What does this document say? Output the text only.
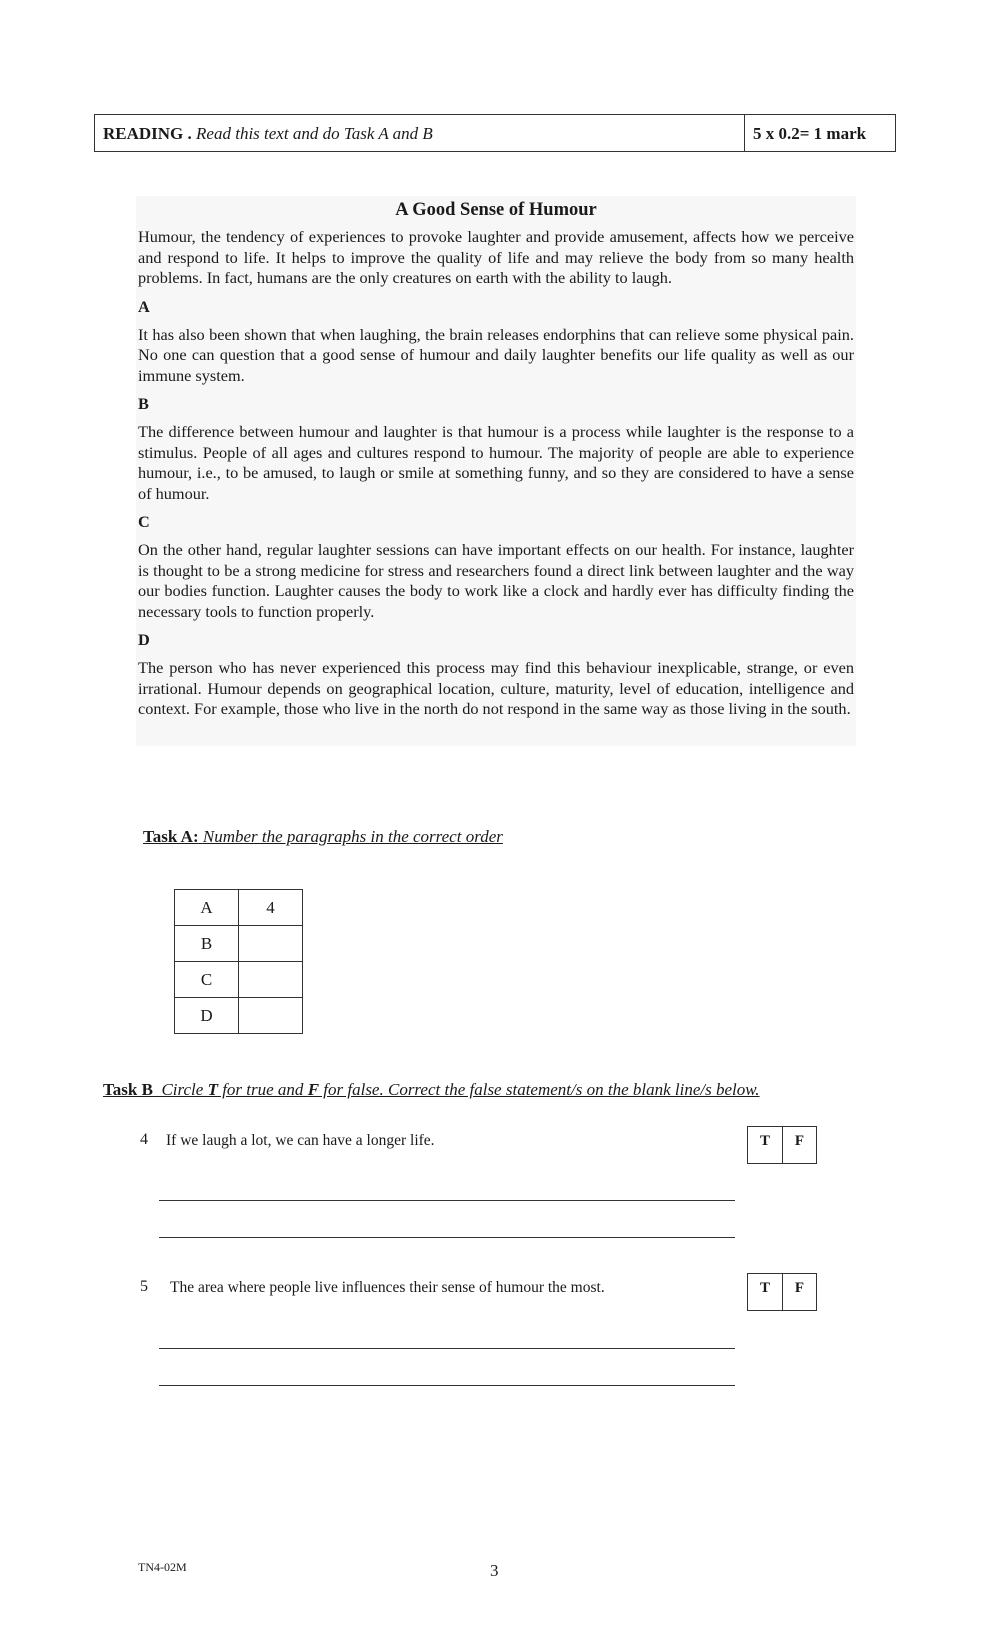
READING . Read this text and do Task A and B	5 x 0.2= 1 mark

A Good Sense of Humour

Humour, the tendency of experiences to provoke laughter and provide amusement, affects how we perceive and respond to life. It helps to improve the quality of life and may relieve the body from so many health problems. In fact, humans are the only creatures on earth with the ability to laugh.

A

It has also been shown that when laughing, the brain releases endorphins that can relieve some physical pain. No one can question that a good sense of humour and daily laughter benefits our life quality as well as our immune system.

B

The difference between humour and laughter is that humour is a process while laughter is the response to a stimulus. People of all ages and cultures respond to humour. The majority of people are able to experience humour, i.e., to be amused, to laugh or smile at something funny, and so they are considered to have a sense of humour.

C

On the other hand, regular laughter sessions can have important effects on our health. For instance, laughter is thought to be a strong medicine for stress and researchers found a direct link between laughter and the way our bodies function. Laughter causes the body to work like a clock and hardly ever has difficulty finding the necessary tools to function properly.

D

The person who has never experienced this process may find this behaviour inexplicable, strange, or even irrational. Humour depends on geographical location, culture, maturity, level of education, intelligence and context. For example, those who live in the north do not respond in the same way as those living in the south.

Task A: Number the paragraphs in the correct order
A	4
B	
C	
D	
Task B Circle T for true and F for false. Correct the false statement/s on the blank line/s below.
4 If we laugh a lot, we can have a longer life.	T	F
5 The area where people live influences their sense of humour the most.	T	F
TN4-02M	3
